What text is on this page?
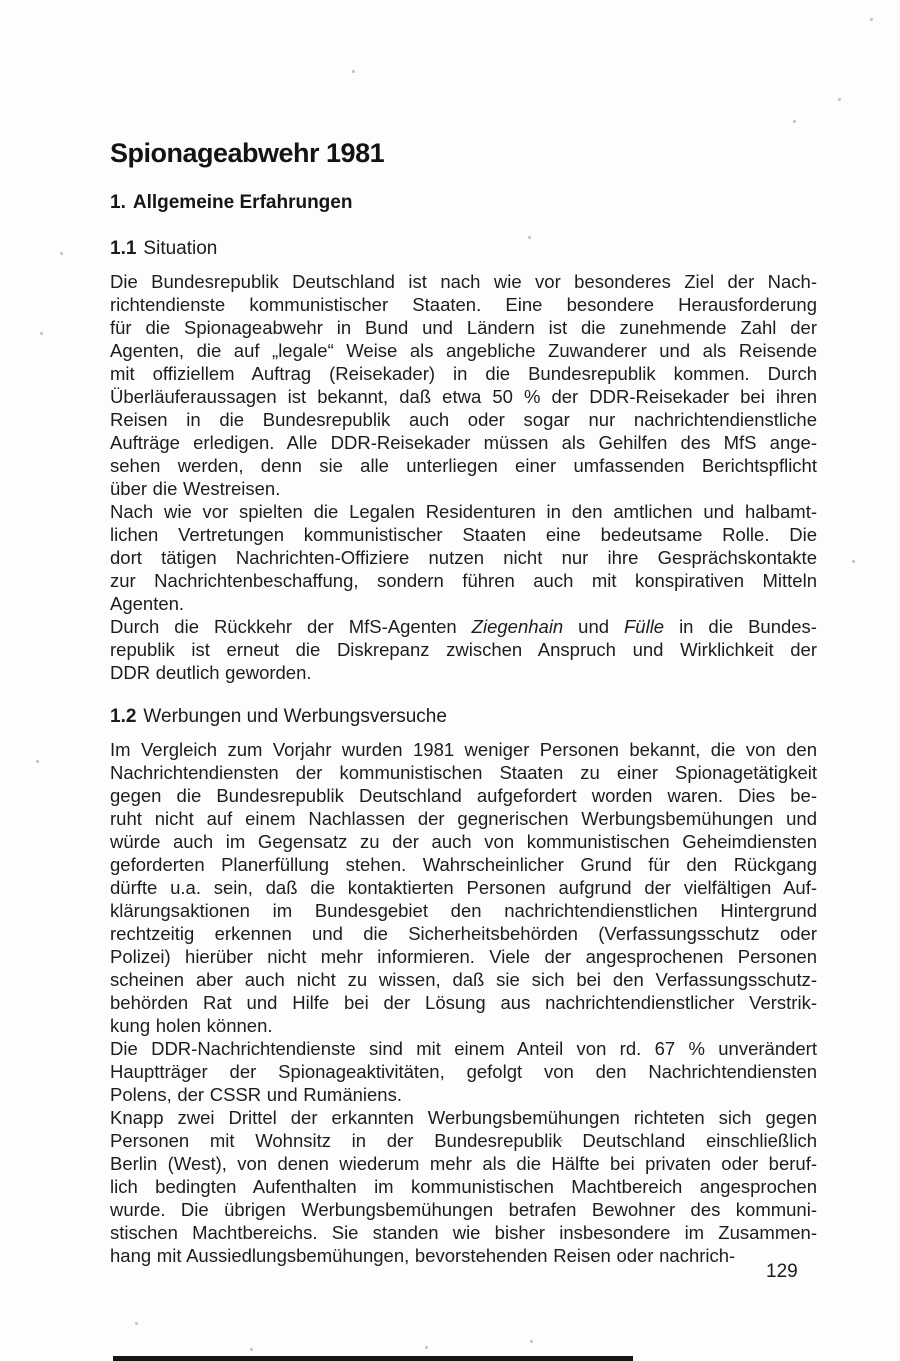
Spionageabwehr 1981
1. Allgemeine Erfahrungen
1.1 Situation
Die Bundesrepublik Deutschland ist nach wie vor besonderes Ziel der Nach-
richtendienste kommunistischer Staaten. Eine besondere Herausforderung
für die Spionageabwehr in Bund und Ländern ist die zunehmende Zahl der
Agenten, die auf „legale“ Weise als angebliche Zuwanderer und als Reisende
mit offiziellem Auftrag (Reisekader) in die Bundesrepublik kommen. Durch
Überläuferaussagen ist bekannt, daß etwa 50 % der DDR-Reisekader bei ihren
Reisen in die Bundesrepublik auch oder sogar nur nachrichtendienstliche
Aufträge erledigen. Alle DDR-Reisekader müssen als Gehilfen des MfS ange-
sehen werden, denn sie alle unterliegen einer umfassenden Berichtspflicht
über die Westreisen.
Nach wie vor spielten die Legalen Residenturen in den amtlichen und halbamt-
lichen Vertretungen kommunistischer Staaten eine bedeutsame Rolle. Die
dort tätigen Nachrichten-Offiziere nutzen nicht nur ihre Gesprächskontakte
zur Nachrichtenbeschaffung, sondern führen auch mit konspirativen Mitteln
Agenten.
Durch die Rückkehr der MfS-Agenten Ziegenhain und Fülle in die Bundes-
republik ist erneut die Diskrepanz zwischen Anspruch und Wirklichkeit der
DDR deutlich geworden.
1.2 Werbungen und Werbungsversuche
Im Vergleich zum Vorjahr wurden 1981 weniger Personen bekannt, die von den
Nachrichtendiensten der kommunistischen Staaten zu einer Spionagetätigkeit
gegen die Bundesrepublik Deutschland aufgefordert worden waren. Dies be-
ruht nicht auf einem Nachlassen der gegnerischen Werbungsbemühungen und
würde auch im Gegensatz zu der auch von kommunistischen Geheimdiensten
geforderten Planerfüllung stehen. Wahrscheinlicher Grund für den Rückgang
dürfte u.a. sein, daß die kontaktierten Personen aufgrund der vielfältigen Auf-
klärungsaktionen im Bundesgebiet den nachrichtendienstlichen Hintergrund
rechtzeitig erkennen und die Sicherheitsbehörden (Verfassungsschutz oder
Polizei) hierüber nicht mehr informieren. Viele der angesprochenen Personen
scheinen aber auch nicht zu wissen, daß sie sich bei den Verfassungsschutz-
behörden Rat und Hilfe bei der Lösung aus nachrichtendienstlicher Verstrik-
kung holen können.
Die DDR-Nachrichtendienste sind mit einem Anteil von rd. 67 % unverändert
Hauptträger der Spionageaktivitäten, gefolgt von den Nachrichtendiensten
Polens, der CSSR und Rumäniens.
Knapp zwei Drittel der erkannten Werbungsbemühungen richteten sich gegen
Personen mit Wohnsitz in der Bundesrepublik Deutschland einschließlich
Berlin (West), von denen wiederum mehr als die Hälfte bei privaten oder beruf-
lich bedingten Aufenthalten im kommunistischen Machtbereich angesprochen
wurde. Die übrigen Werbungsbemühungen betrafen Bewohner des kommuni-
stischen Machtbereichs. Sie standen wie bisher insbesondere im Zusammen-
hang mit Aussiedlungsbemühungen, bevorstehenden Reisen oder nachrich-
129
